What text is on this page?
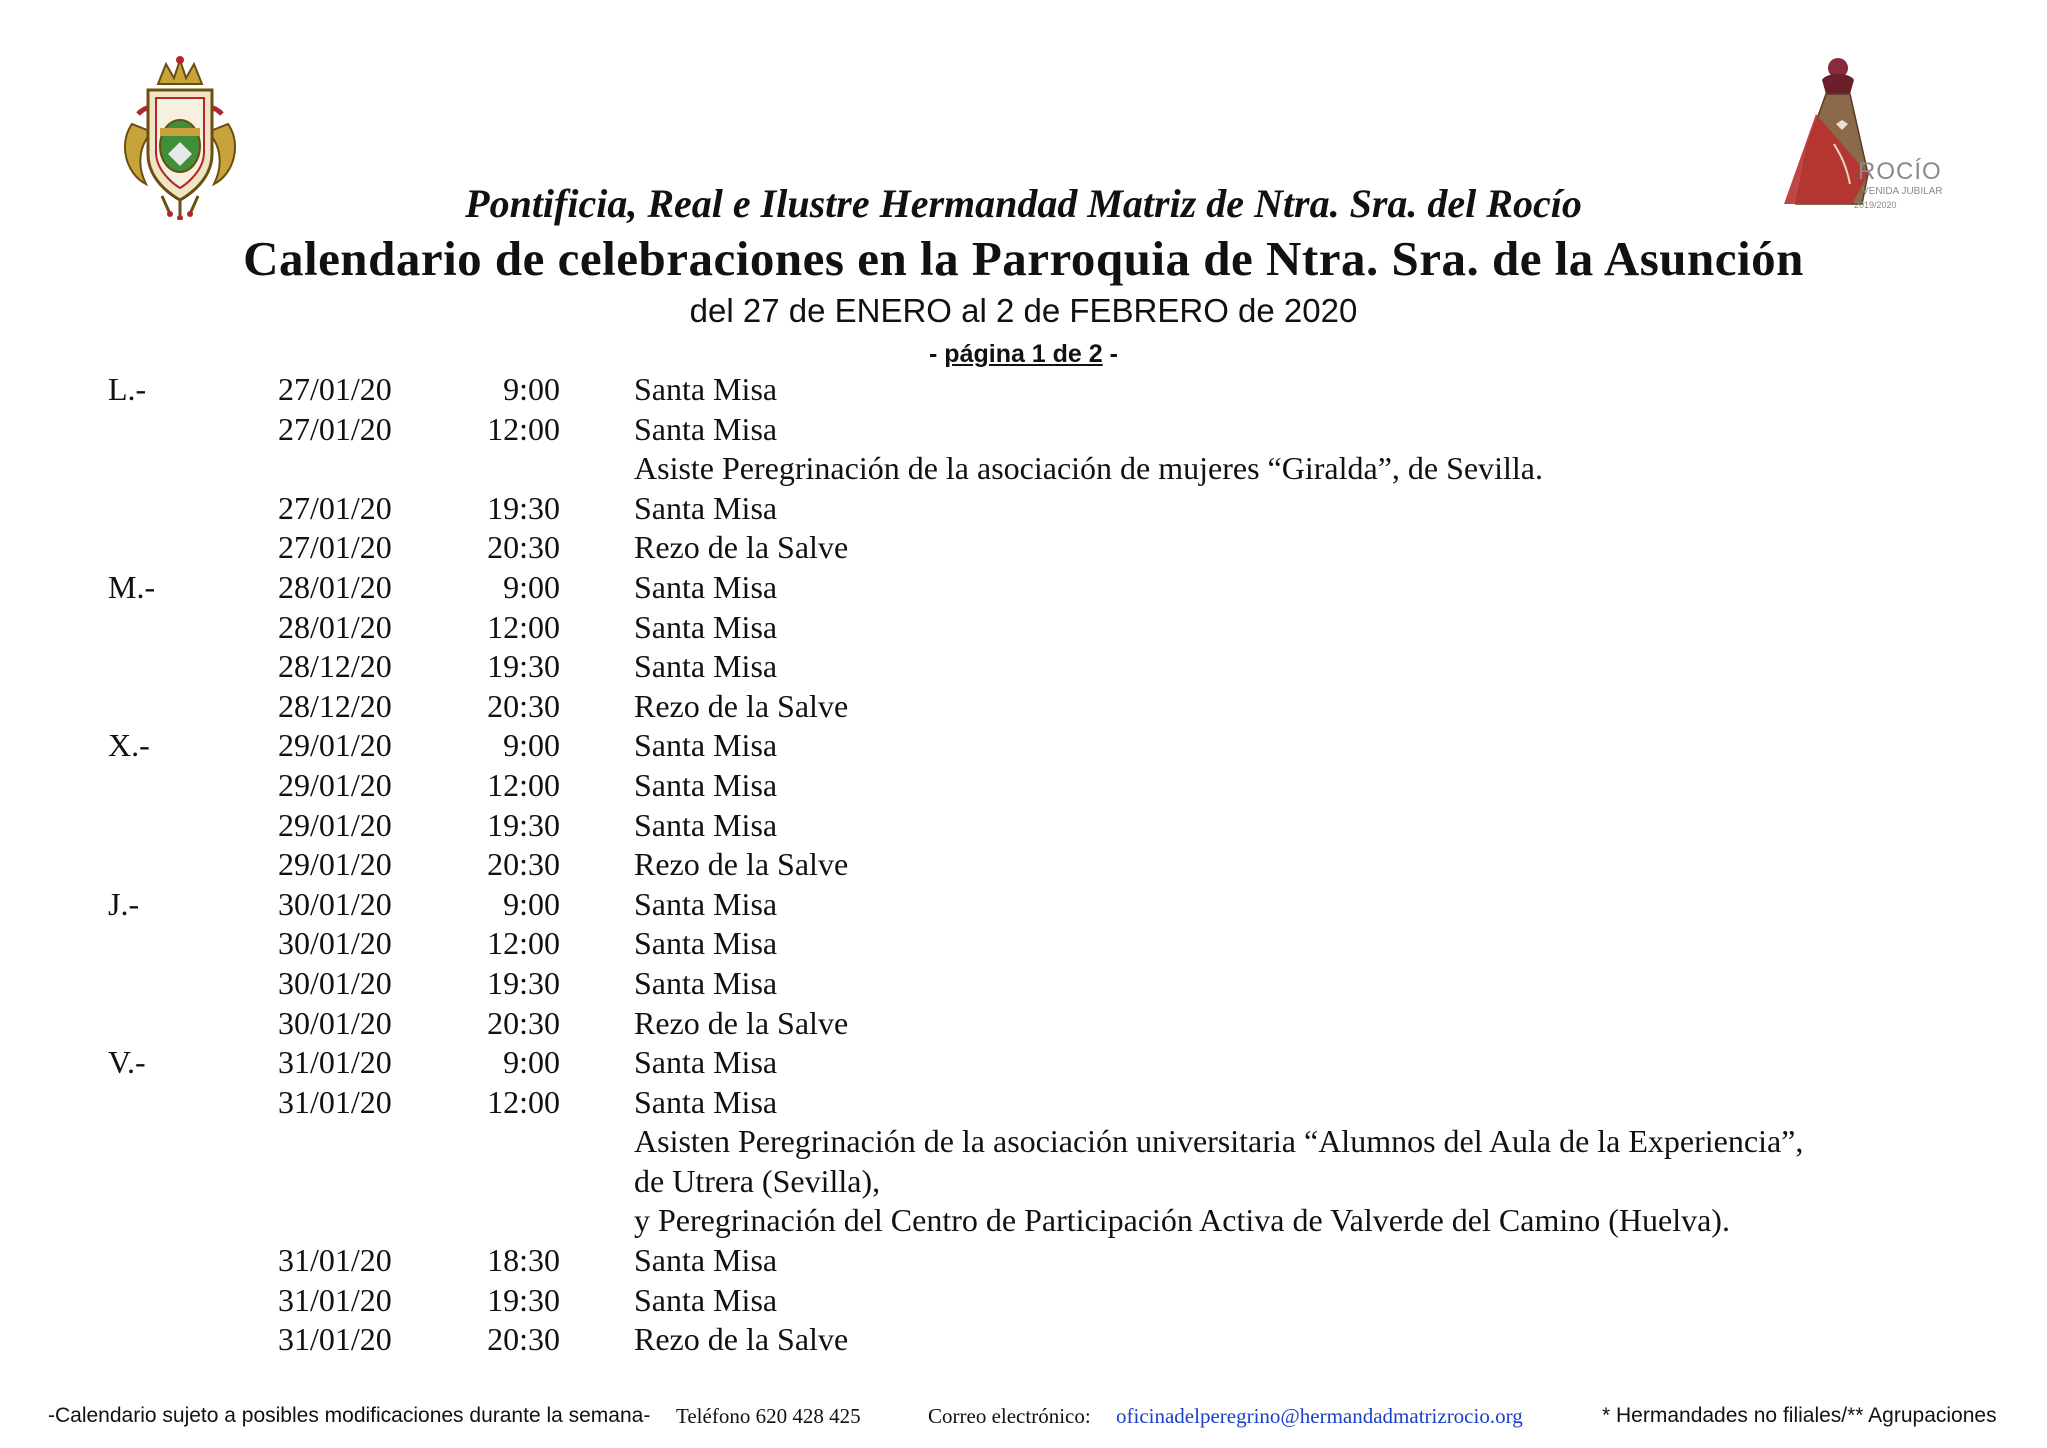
ROCÍO
VENIDA JUBILAR
2019/2020
Pontificia, Real e Ilustre Hermandad Matriz de Ntra. Sra. del Rocío
Calendario de celebraciones en la Parroquia de Ntra. Sra. de la Asunción
del 27 de ENERO al 2 de FEBRERO de 2020
- página 1 de 2 -
L.-	27/01/20	9:00 Santa Misa
27/01/20	12:00 Santa Misa
Asiste Peregrinación de la asociación de mujeres “Giralda”, de Sevilla.
27/01/20	19:30 Santa Misa
27/01/20	20:30 Rezo de la Salve
M.-	28/01/20	9:00 Santa Misa
28/01/20	12:00 Santa Misa
28/12/20	19:30 Santa Misa
28/12/20	20:30 Rezo de la Salve
X.-	29/01/20	9:00 Santa Misa
29/01/20	12:00 Santa Misa
29/01/20	19:30 Santa Misa
29/01/20	20:30 Rezo de la Salve
J.-	30/01/20	9:00 Santa Misa
30/01/20	12:00 Santa Misa
30/01/20	19:30 Santa Misa
30/01/20	20:30 Rezo de la Salve
V.-	31/01/20	9:00 Santa Misa
31/01/20	12:00 Santa Misa
Asisten Peregrinación de la asociación universitaria “Alumnos del Aula de la Experiencia”,
de Utrera (Sevilla),
y Peregrinación del Centro de Participación Activa de Valverde del Camino (Huelva).
31/01/20	18:30 Santa Misa
31/01/20	19:30 Santa Misa
31/01/20	20:30 Rezo de la Salve
-Calendario sujeto a posibles modificaciones durante la semana- Teléfono 620 428 425	Correo electrónico: oficinadelperegrino@hermandadmatrizrocio.org	* Hermandades no filiales/** Agrupaciones
